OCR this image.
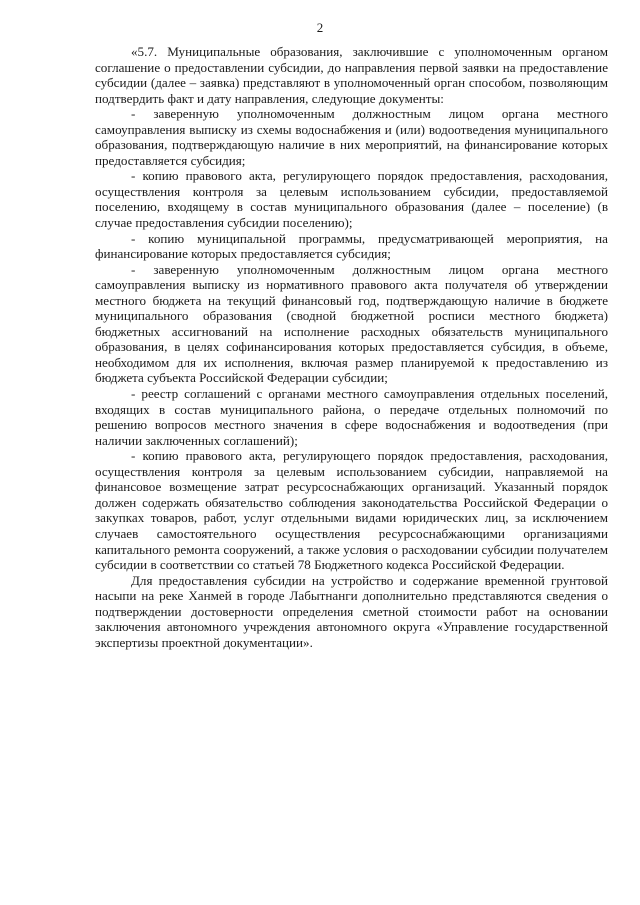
2

«5.7. Муниципальные образования, заключившие с уполномоченным органом соглашение о предоставлении субсидии, до направления первой заявки на предоставление субсидии (далее – заявка) представляют в уполномоченный орган способом, позволяющим подтвердить факт и дату направления, следующие документы:

- заверенную уполномоченным должностным лицом органа местного самоуправления выписку из схемы водоснабжения и (или) водоотведения муниципального образования, подтверждающую наличие в них мероприятий, на финансирование которых предоставляется субсидия;

- копию правового акта, регулирующего порядок предоставления, расходования, осуществления контроля за целевым использованием субсидии, предоставляемой поселению, входящему в состав муниципального образования (далее – поселение) (в случае предоставления субсидии поселению);

- копию муниципальной программы, предусматривающей мероприятия, на финансирование которых предоставляется субсидия;

- заверенную уполномоченным должностным лицом органа местного самоуправления выписку из нормативного правового акта получателя об утверждении местного бюджета на текущий финансовый год, подтверждающую наличие в бюджете муниципального образования (сводной бюджетной росписи местного бюджета) бюджетных ассигнований на исполнение расходных обязательств муниципального образования, в целях софинансирования которых предоставляется субсидия, в объеме, необходимом для их исполнения, включая размер планируемой к предоставлению из бюджета субъекта Российской Федерации субсидии;

- реестр соглашений с органами местного самоуправления отдельных поселений, входящих в состав муниципального района, о передаче отдельных полномочий по решению вопросов местного значения в сфере водоснабжения и водоотведения (при наличии заключенных соглашений);

- копию правового акта, регулирующего порядок предоставления, расходования, осуществления контроля за целевым использованием субсидии, направляемой на финансовое возмещение затрат ресурсоснабжающих организаций. Указанный порядок должен содержать обязательство соблюдения законодательства Российской Федерации о закупках товаров, работ, услуг отдельными видами юридических лиц, за исключением случаев самостоятельного осуществления ресурсоснабжающими организациями капитального ремонта сооружений, а также условия о расходовании субсидии получателем субсидии в соответствии со статьей 78 Бюджетного кодекса Российской Федерации.

Для предоставления субсидии на устройство и содержание временной грунтовой насыпи на реке Ханмей в городе Лабытнанги дополнительно представляются сведения о подтверждении достоверности определения сметной стоимости работ на основании заключения автономного учреждения автономного округа «Управление государственной экспертизы проектной документации».
